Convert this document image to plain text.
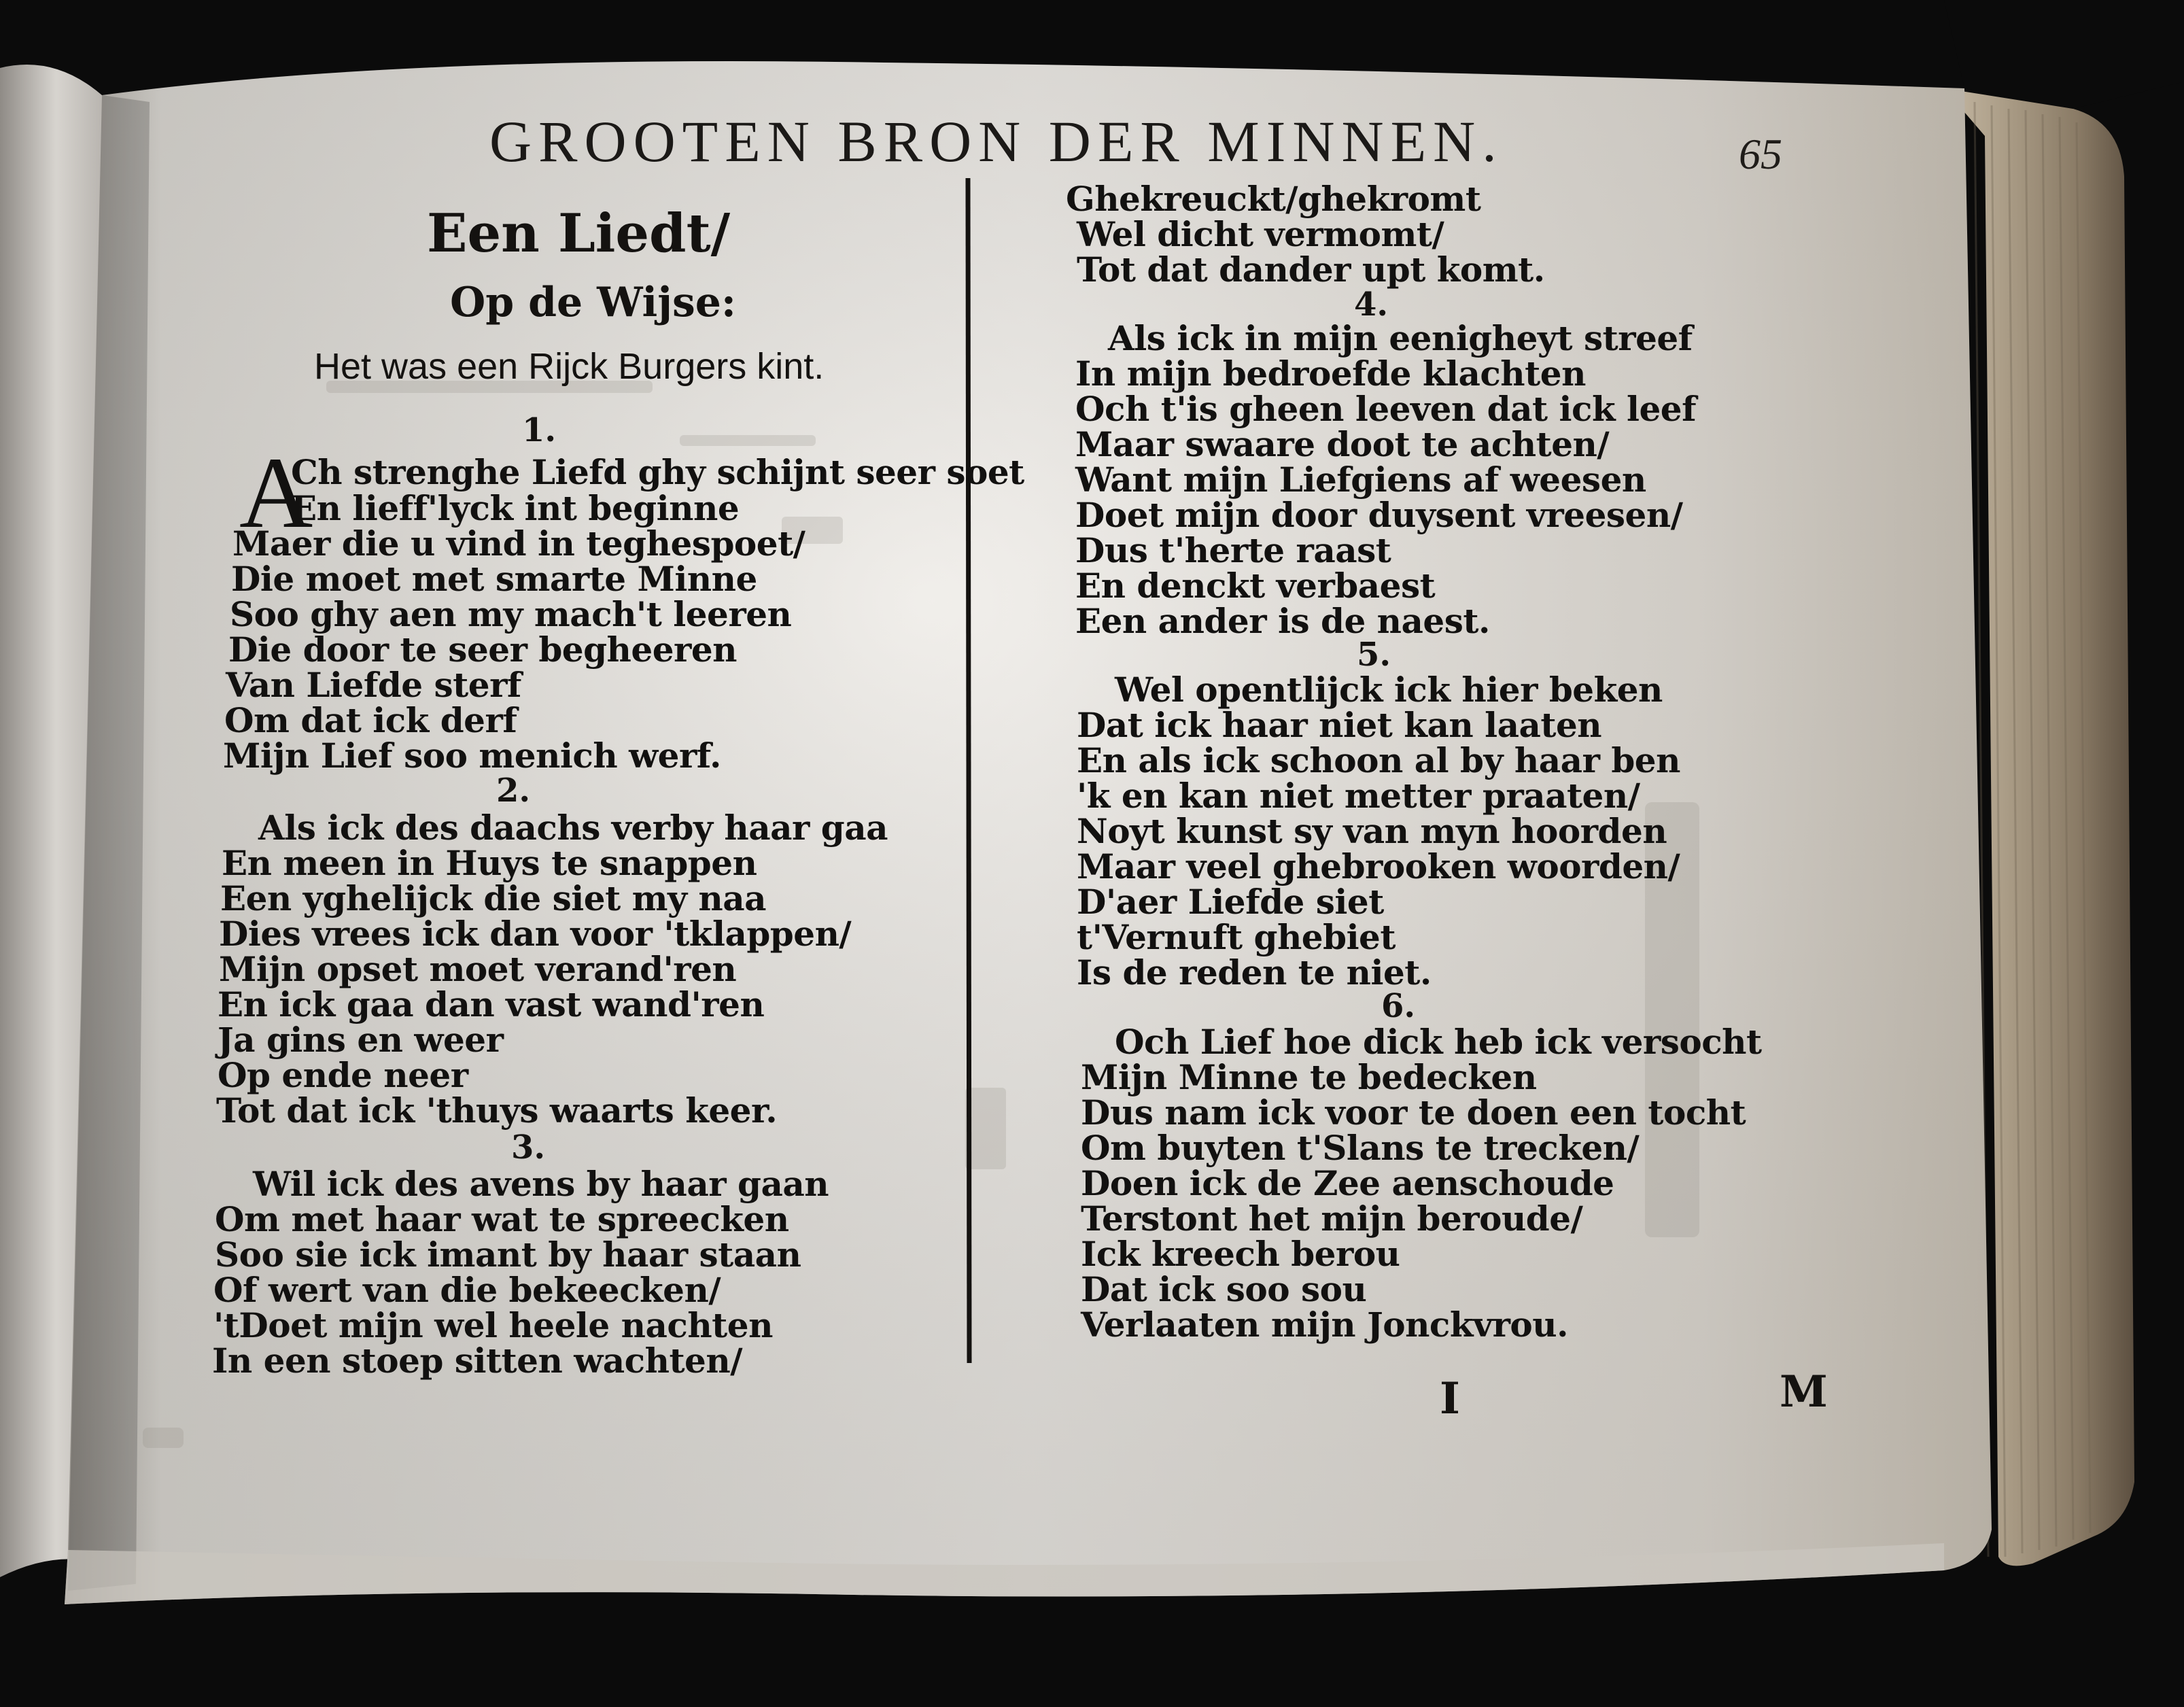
GROOTEN BRON DER MINNEN.	65
Een Liedt/
Op de Wijse:
Het was een Rijck Burgers kint.
A
1.
Ch strenghe Liefd ghy schijnt seer soet
En lieff'lyck int beginne
Maer die u vind in teghespoet/
Die moet met smarte Minne
Soo ghy aen my mach't leeren
Die door te seer begheeren
Van Liefde sterf
Om dat ick derf
Mijn Lief soo menich werf.
2.
Als ick des daachs verby haar gaa
En meen in Huys te snappen
Een yghelijck die siet my naa
Dies vrees ick dan voor 'tklappen/
Mijn opset moet verand'ren
En ick gaa dan vast wand'ren
Ja gins en weer
Op ende neer
Tot dat ick 'thuys waarts keer.
3.
Wil ick des avens by haar gaan
Om met haar wat te spreecken
Soo sie ick imant by haar staan
Of wert van die bekeecken/
'tDoet mijn wel heele nachten
In een stoep sitten wachten/
Ghekreuckt/ghekromt
Wel dicht vermomt/
Tot dat dander upt komt.
4.
Als ick in mijn eenigheyt streef
In mijn bedroefde klachten
Och t'is gheen leeven dat ick leef
Maar swaare doot te achten/
Want mijn Liefgiens af weesen
Doet mijn door duysent vreesen/
Dus t'herte raast
En denckt verbaest
Een ander is de naest.
5.
Wel opentlijck ick hier beken
Dat ick haar niet kan laaten
En als ick schoon al by haar ben
'k en kan niet metter praaten/
Noyt kunst sy van myn hoorden
Maar veel ghebrooken woorden/
D'aer Liefde siet
t'Vernuft ghebiet
Is de reden te niet.
6.
Och Lief hoe dick heb ick versocht
Mijn Minne te bedecken
Dus nam ick voor te doen een tocht
Om buyten t'Slans te trecken/
Doen ick de Zee aenschoude
Terstont het mijn beroude/
Ick kreech berou
Dat ick soo sou
Verlaaten mijn Jonckvrou.
I	M
